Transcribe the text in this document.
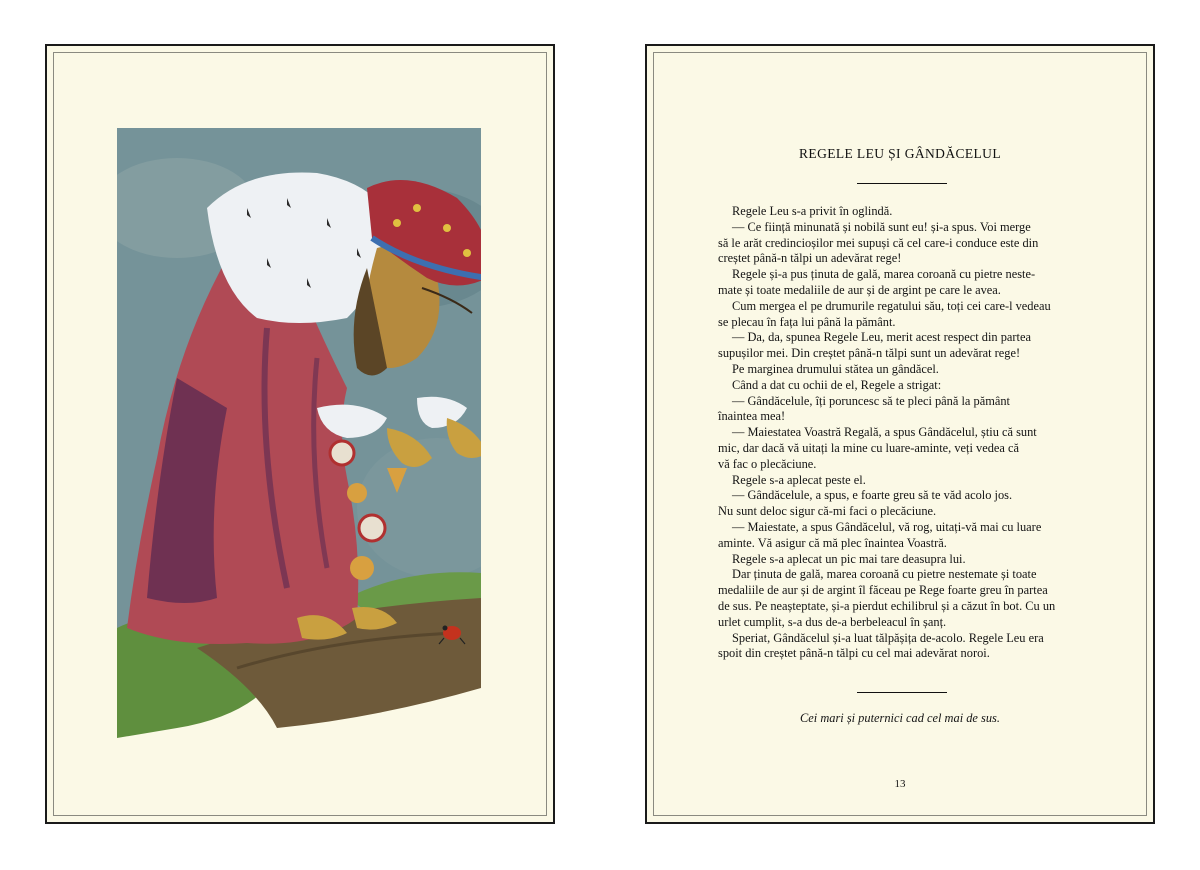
REGELE LEU ȘI GÂNDĂCELUL
Regele Leu s-a privit în oglindă.
— Ce ființă minunată și nobilă sunt eu! și-a spus. Voi merge
să le arăt credincioșilor mei supuși că cel care-i conduce este din
creștet până-n tălpi un adevărat rege!
Regele și-a pus ținuta de gală, marea coroană cu pietre neste-
mate și toate medaliile de aur și de argint pe care le avea.
Cum mergea el pe drumurile regatului său, toți cei care-l vedeau
se plecau în fața lui până la pământ.
— Da, da, spunea Regele Leu, merit acest respect din partea
supușilor mei. Din creștet până-n tălpi sunt un adevărat rege!
Pe marginea drumului stătea un gândăcel.
Când a dat cu ochii de el, Regele a strigat:
— Gândăcelule, îți poruncesc să te pleci până la pământ
înaintea mea!
— Maiestatea Voastră Regală, a spus Gândăcelul, știu că sunt
mic, dar dacă vă uitați la mine cu luare-aminte, veți vedea că
vă fac o plecăciune.
Regele s-a aplecat peste el.
— Gândăcelule, a spus, e foarte greu să te văd acolo jos.
Nu sunt deloc sigur că-mi faci o plecăciune.
— Maiestate, a spus Gândăcelul, vă rog, uitați-vă mai cu luare
aminte. Vă asigur că mă plec înaintea Voastră.
Regele s-a aplecat un pic mai tare deasupra lui.
Dar ținuta de gală, marea coroană cu pietre nestemate și toate
medaliile de aur și de argint îl făceau pe Rege foarte greu în partea
de sus. Pe neașteptate, și-a pierdut echilibrul și a căzut în bot. Cu un
urlet cumplit, s-a dus de-a berbeleacul în șanț.
Speriat, Gândăcelul și-a luat tălpășița de-acolo. Regele Leu era
spoit din creștet până-n tălpi cu cel mai adevărat noroi.
Cei mari și puternici cad cel mai de sus.
13
